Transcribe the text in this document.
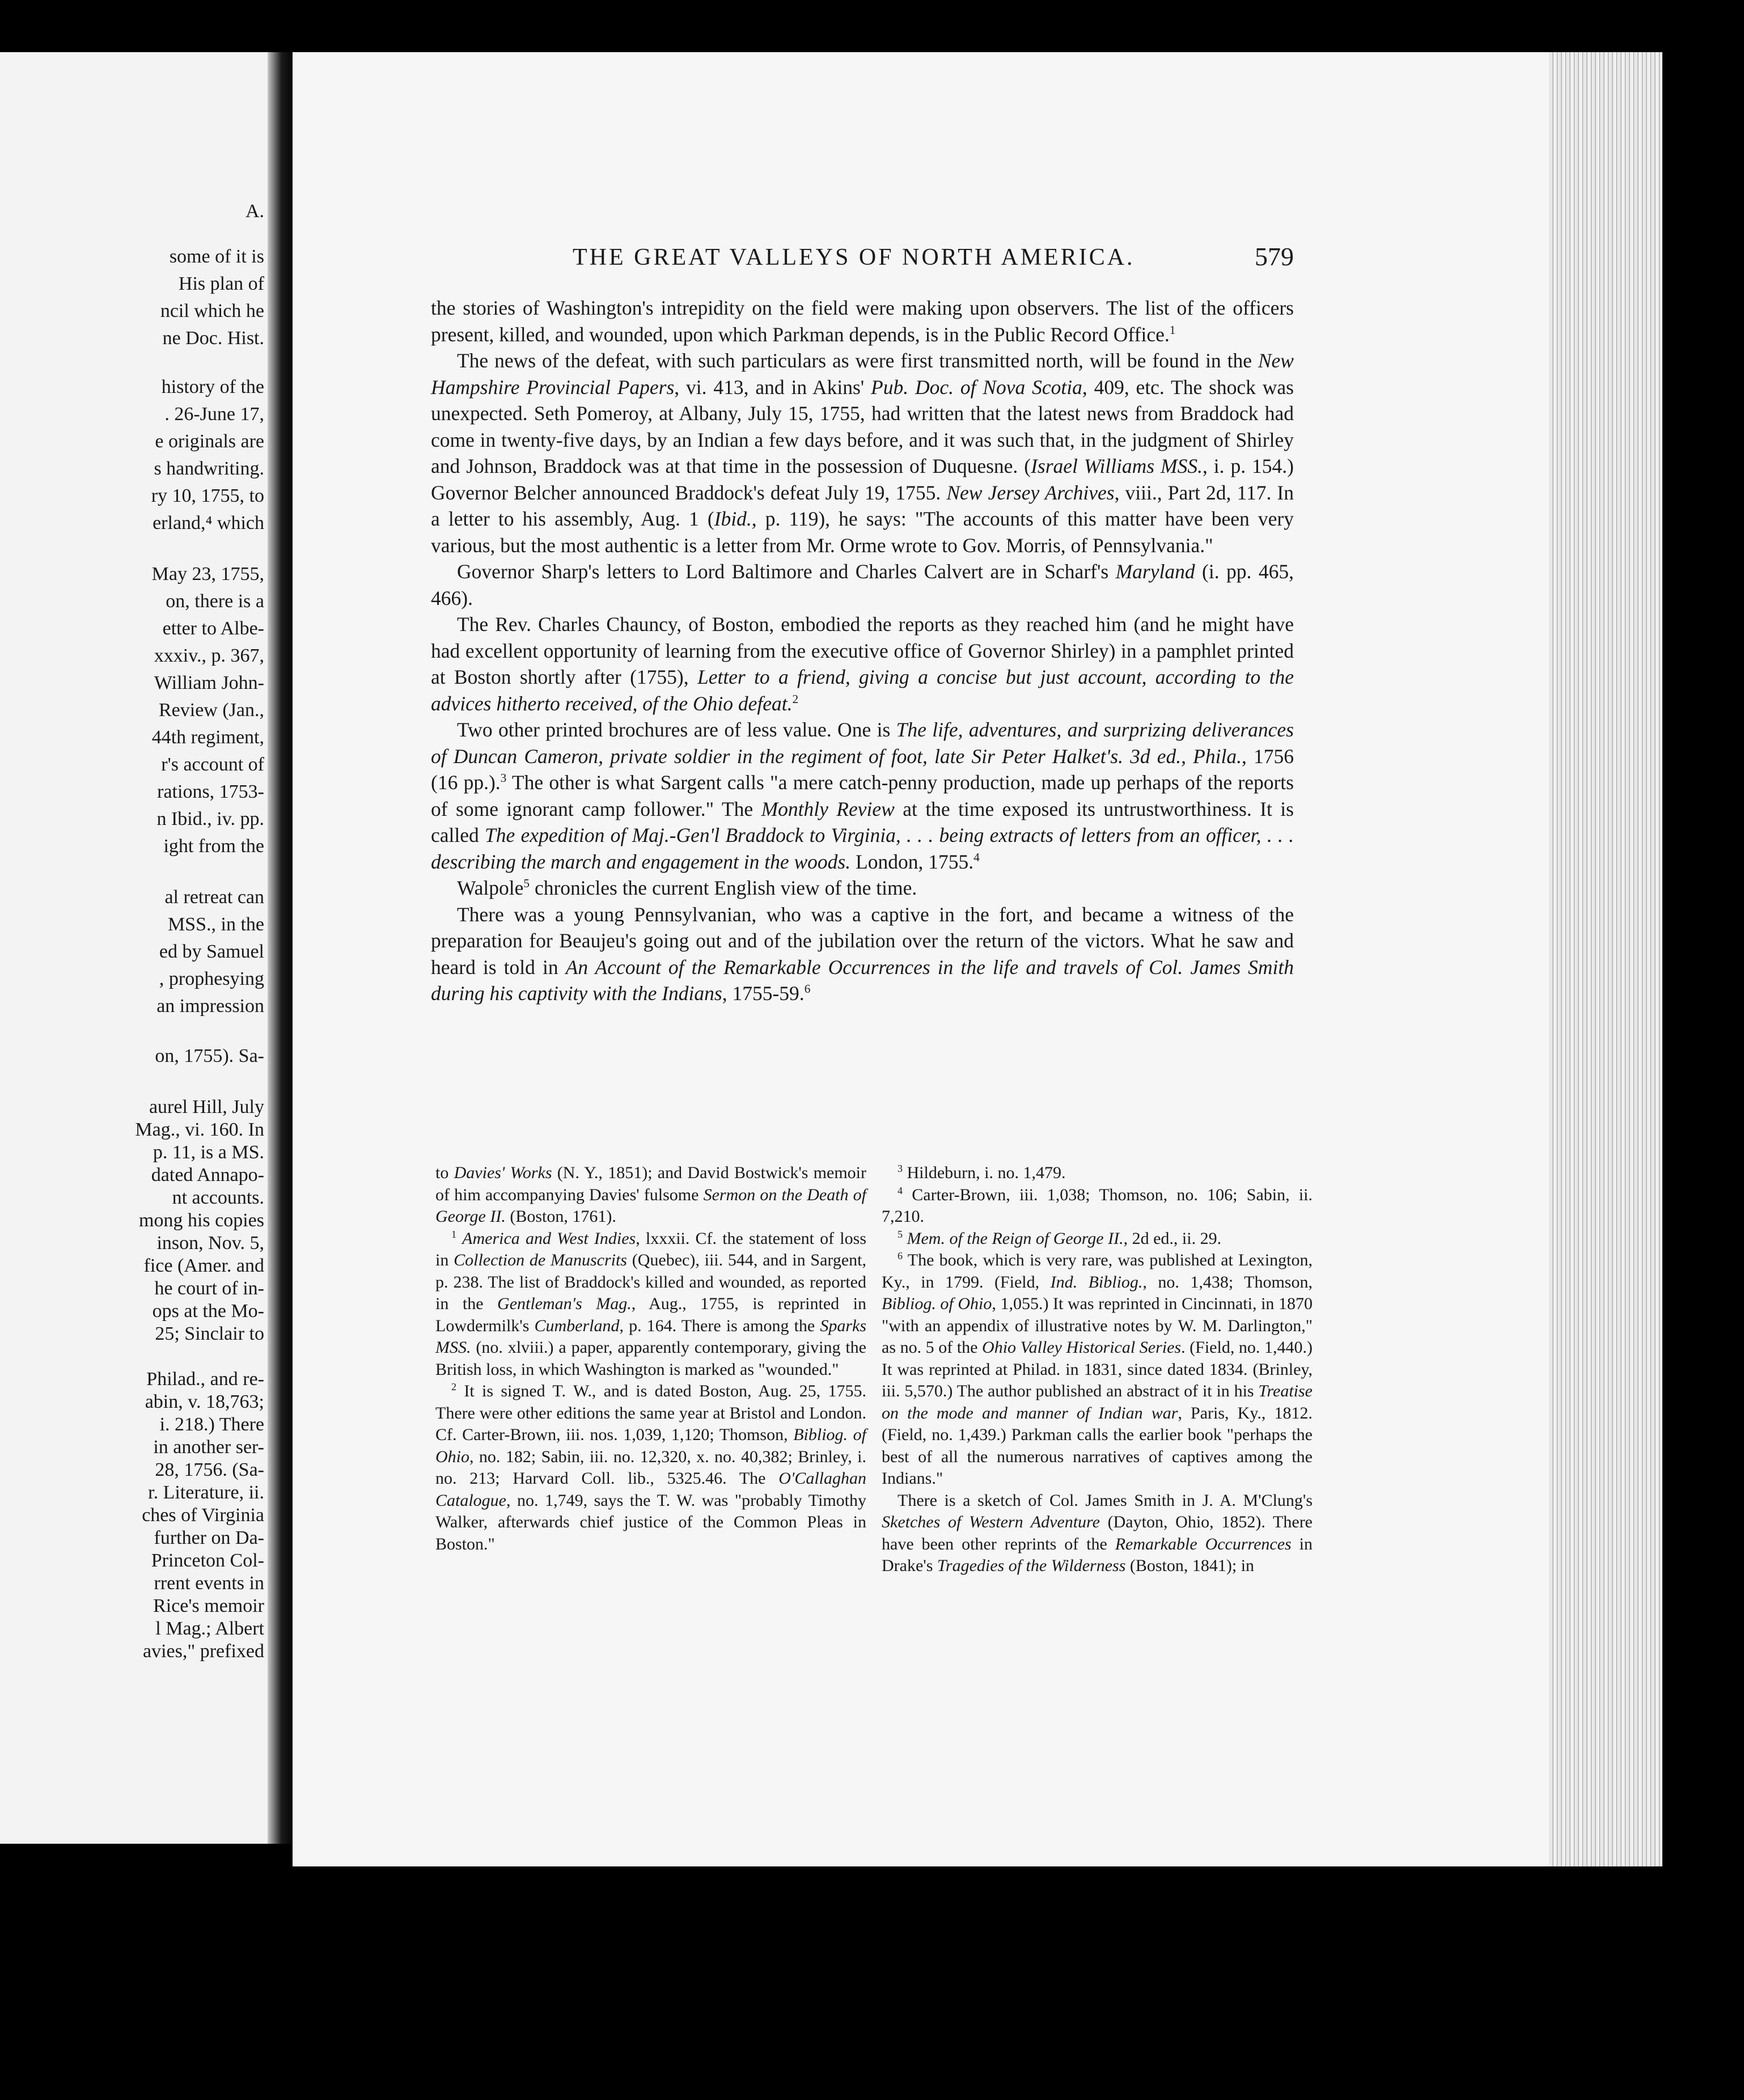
A.
some of it is
His plan of
ncil which he
ne Doc. Hist.
history of the
. 26-June 17,
e originals are
s handwriting.
ry 10, 1755, to
erland,⁴ which
May 23, 1755,
on, there is a
etter to Albe-
xxxiv., p. 367,
William John-
Review (Jan.,
44th regiment,
r's account of
rations, 1753-
n Ibid., iv. pp.
ight from the
al retreat can
MSS., in the
ed by Samuel
, prophesying
an impression
on, 1755). Sa-
aurel Hill, July
Mag., vi. 160. In
p. 11, is a MS.
dated Annapo-
nt accounts.
mong his copies
inson, Nov. 5,
fice (Amer. and
he court of in-
ops at the Mo-
25; Sinclair to
Philad., and re-
abin, v. 18,763;
i. 218.) There
in another ser-
28, 1756. (Sa-
r. Literature, ii.
ches of Virginia
further on Da-
Princeton Col-
rrent events in
Rice's memoir
l Mag.; Albert
avies," prefixed
THE GREAT VALLEYS OF NORTH AMERICA.	579

the stories of Washington's intrepidity on the field were making upon observers. The list of the officers present, killed, and wounded, upon which Parkman depends, is in the Public Record Office.$^1$

The news of the defeat, with such particulars as were first transmitted north, will be found in the New Hampshire Provincial Papers, vi. 413, and in Akins' Pub. Doc. of Nova Scotia, 409, etc. The shock was unexpected. Seth Pomeroy, at Albany, July 15, 1755, had written that the latest news from Braddock had come in twenty-five days, by an Indian a few days before, and it was such that, in the judgment of Shirley and Johnson, Braddock was at that time in the possession of Duquesne. (Israel Williams MSS., i. p. 154.) Governor Belcher announced Braddock's defeat July 19, 1755. New Jersey Archives, viii., Part 2d, 117. In a letter to his assembly, Aug. 1 (Ibid., p. 119), he says: "The accounts of this matter have been very various, but the most authentic is a letter from Mr. Orme wrote to Gov. Morris, of Pennsylvania."

Governor Sharp's letters to Lord Baltimore and Charles Calvert are in Scharf's Maryland (i. pp. 465, 466).

The Rev. Charles Chauncy, of Boston, embodied the reports as they reached him (and he might have had excellent opportunity of learning from the executive office of Governor Shirley) in a pamphlet printed at Boston shortly after (1755), Letter to a friend, giving a concise but just account, according to the advices hitherto received, of the Ohio defeat.$^2$

Two other printed brochures are of less value. One is The life, adventures, and surprizing deliverances of Duncan Cameron, private soldier in the regiment of foot, late Sir Peter Halket's. 3d ed., Phila., 1756 (16 pp.).$^3$ The other is what Sargent calls "a mere catch-penny production, made up perhaps of the reports of some ignorant camp follower." The Monthly Review at the time exposed its untrustworthiness. It is called The expedition of Maj.-Gen'l Braddock to Virginia, . . . being extracts of letters from an officer, . . . describing the march and engagement in the woods. London, 1755.$^4$

Walpole$^5$ chronicles the current English view of the time.

There was a young Pennsylvanian, who was a captive in the fort, and became a witness of the preparation for Beaujeu's going out and of the jubilation over the return of the victors. What he saw and heard is told in An Account of the Remarkable Occurrences in the life and travels of Col. James Smith during his captivity with the Indians, 1755-59.$^6$

to Davies' Works (N. Y., 1851); and David Bostwick's memoir of him accompanying Davies' fulsome Sermon on the Death of George II. (Boston, 1761).

$^1$ America and West Indies, lxxxii. Cf. the statement of loss in Collection de Manuscrits (Quebec), iii. 544, and in Sargent, p. 238. The list of Braddock's killed and wounded, as reported in the Gentleman's Mag., Aug., 1755, is reprinted in Lowdermilk's Cumberland, p. 164. There is among the Sparks MSS. (no. xlviii.) a paper, apparently contemporary, giving the British loss, in which Washington is marked as "wounded."

$^2$ It is signed T. W., and is dated Boston, Aug. 25, 1755. There were other editions the same year at Bristol and London. Cf. Carter-Brown, iii. nos. 1,039, 1,120; Thomson, Bibliog. of Ohio, no. 182; Sabin, iii. no. 12,320, x. no. 40,382; Brinley, i. no. 213; Harvard Coll. lib., 5325.46. The O'Callaghan Catalogue, no. 1,749, says the T. W. was "probably Timothy Walker, afterwards chief justice of the Common Pleas in Boston."

$^3$ Hildeburn, i. no. 1,479.

$^4$ Carter-Brown, iii. 1,038; Thomson, no. 106; Sabin, ii. 7,210.

$^5$ Mem. of the Reign of George II., 2d ed., ii. 29.

$^6$ The book, which is very rare, was published at Lexington, Ky., in 1799. (Field, Ind. Bibliog., no. 1,438; Thomson, Bibliog. of Ohio, 1,055.) It was reprinted in Cincinnati, in 1870 "with an appendix of illustrative notes by W. M. Darlington," as no. 5 of the Ohio Valley Historical Series. (Field, no. 1,440.) It was reprinted at Philad. in 1831, since dated 1834. (Brinley, iii. 5,570.) The author published an abstract of it in his Treatise on the mode and manner of Indian war, Paris, Ky., 1812. (Field, no. 1,439.) Parkman calls the earlier book "perhaps the best of all the numerous narratives of captives among the Indians."

There is a sketch of Col. James Smith in J. A. M'Clung's Sketches of Western Adventure (Dayton, Ohio, 1852). There have been other reprints of the Remarkable Occurrences in Drake's Tragedies of the Wilderness (Boston, 1841); in
